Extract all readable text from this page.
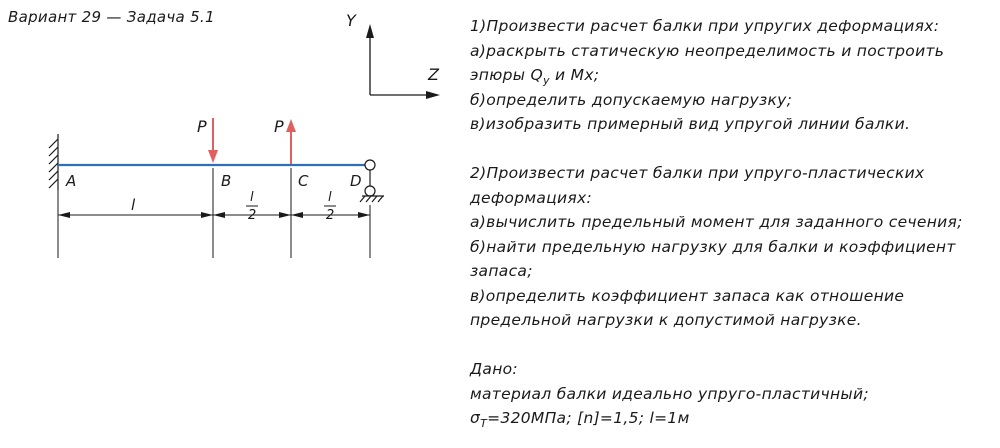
Вариант 29 — Задача 5.1	Y
Z
P	P
A	B	C	D
l	l
2
l
2
1)Произвести расчет балки при упругих деформациях:
а)раскрыть статическую неопределимость и построить
эпюры $Q_y$ и Mx;
б)определить допускаемую нагрузку;
в)изобразить примерный вид упругой линии балки.
2)Произвести расчет балки при упруго-пластических
деформациях:
а)вычислить предельный момент для заданного сечения;
б)найти предельную нагрузку для балки и коэффициент
запаса;
в)определить коэффициент запаса как отношение
предельной нагрузки к допустимой нагрузке.
Дано:
материал балки идеально упруго-пластичный;
$\sigma_T=320МПа$; [n]=1,5; l=1м
